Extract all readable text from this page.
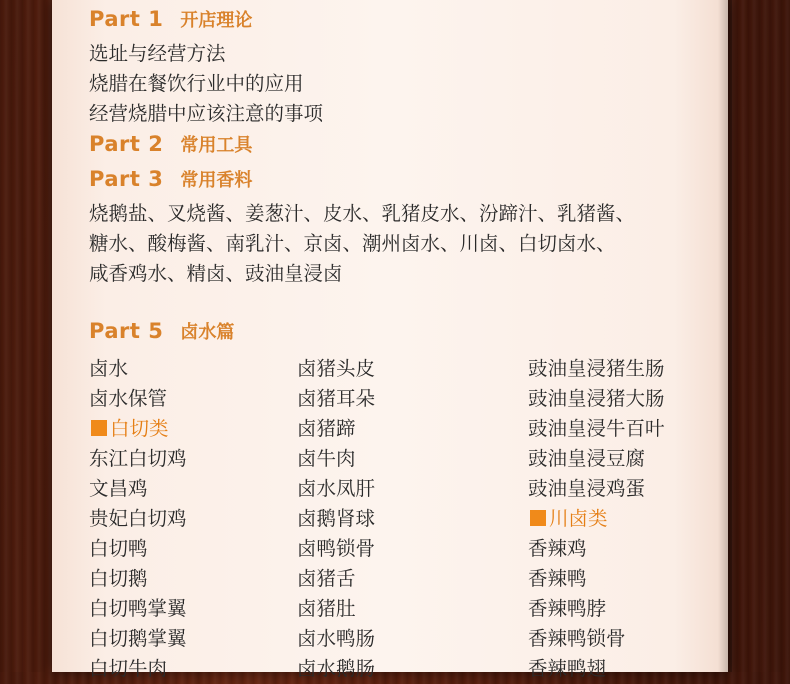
Part 1 开店理论
选址与经营方法
烧腊在餐饮行业中的应用
经营烧腊中应该注意的事项
Part 2 常用工具
Part 3 常用香料
烧鹅盐、叉烧酱、姜葱汁、皮水、乳猪皮水、汾蹄汁、乳猪酱、
糖水、酸梅酱、南乳汁、京卤、潮州卤水、川卤、白切卤水、
咸香鸡水、精卤、豉油皇浸卤
Part 5 卤水篇
卤水
卤水保管
白切类
东江白切鸡
文昌鸡
贵妃白切鸡
白切鸭
白切鹅
白切鸭掌翼
白切鹅掌翼
白切牛肉
卤猪头皮
卤猪耳朵
卤猪蹄
卤牛肉
卤水凤肝
卤鹅肾球
卤鸭锁骨
卤猪舌
卤猪肚
卤水鸭肠
卤水鹅肠
豉油皇浸猪生肠
豉油皇浸猪大肠
豉油皇浸牛百叶
豉油皇浸豆腐
豉油皇浸鸡蛋
川卤类
香辣鸡
香辣鸭
香辣鸭脖
香辣鸭锁骨
香辣鸭翅
